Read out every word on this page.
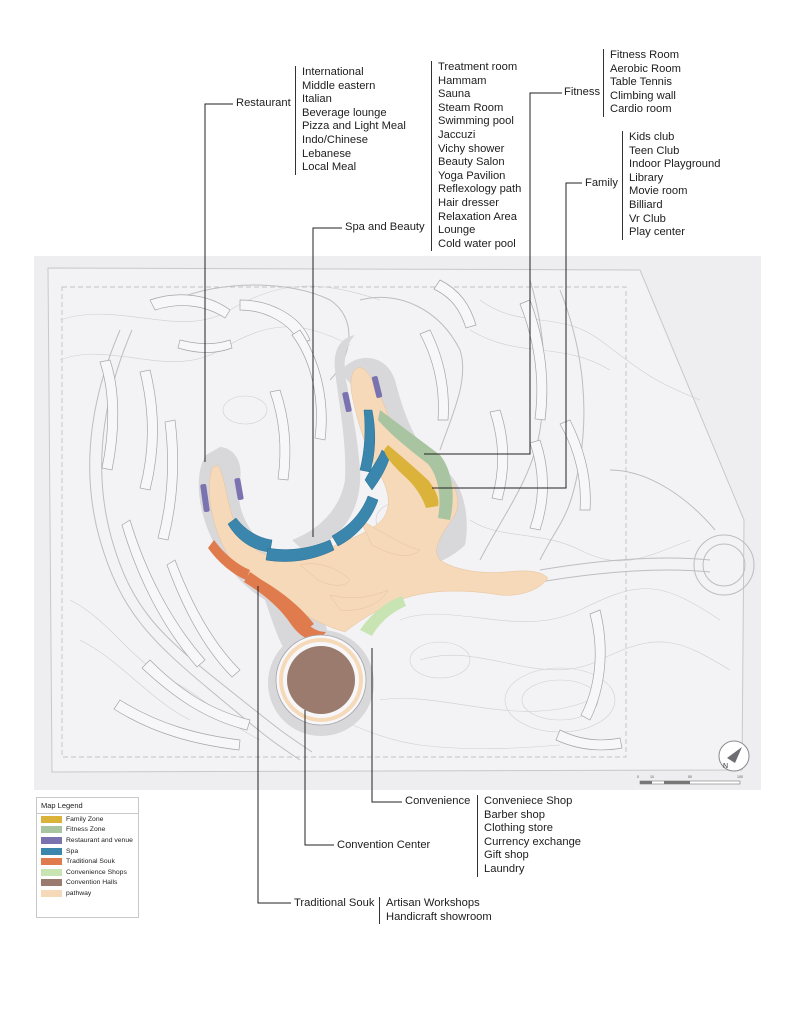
N
0	10	50	100
Restaurant
International
Middle eastern
Italian
Beverage lounge
Pizza and Light Meal
Indo/Chinese
Lebanese
Local Meal
Spa and Beauty
Treatment room
Hammam
Sauna
Steam Room
Swimming pool
Jaccuzi
Vichy shower
Beauty Salon
Yoga Pavilion
Reflexology path
Hair dresser
Relaxation Area
Lounge
Cold water pool
Fitness
Fitness Room
Aerobic Room
Table Tennis
Climbing wall
Cardio room
Family
Kids club
Teen Club
Indoor Playground
Library
Movie room
Billiard
Vr Club
Play center
Convenience Conveniece Shop
Barber shop
Clothing store
Currency exchange
Gift shop
Laundry
Convention Center
Traditional Souk Artisan Workshops
Handicraft showroom
Map Legend
Family Zone
Fitness Zone
Restaurant and venue
Spa
Traditional Souk
Convenience Shops
Convention Halls
pathway
